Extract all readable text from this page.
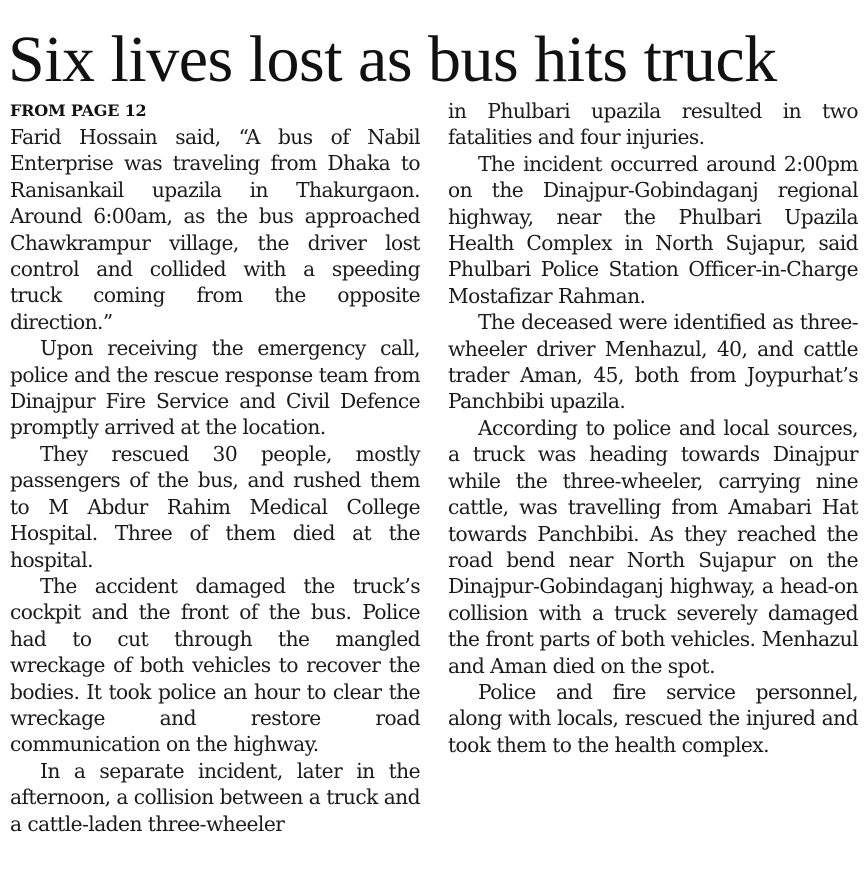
Six lives lost as bus hits truck
FROM PAGE 12

Farid Hossain said, “A bus of Nabil Enterprise was traveling from Dhaka to Ranisankail upazila in Thakurgaon. Around 6:00am, as the bus approached Chawkrampur village, the driver lost control and collided with a speeding truck coming from the opposite direction.”

Upon receiving the emergency call, police and the rescue response team from Dinajpur Fire Service and Civil Defence promptly arrived at the location.

They rescued 30 people, mostly passengers of the bus, and rushed them to M Abdur Rahim Medical College Hospital. Three of them died at the hospital.

The accident damaged the truck’s cockpit and the front of the bus. Police had to cut through the mangled wreckage of both vehicles to recover the bodies. It took police an hour to clear the wreckage and restore road communication on the highway.

In a separate incident, later in the afternoon, a collision between a truck and a cattle-laden three-wheeler

in Phulbari upazila resulted in two fatalities and four injuries.

The incident occurred around 2:00pm on the Dinajpur-Gobindaganj regional highway, near the Phulbari Upazila Health Complex in North Sujapur, said Phulbari Police Station Officer-in-Charge Mostafizar Rahman.

The deceased were identified as three-wheeler driver Menhazul, 40, and cattle trader Aman, 45, both from Joypurhat’s Panchbibi upazila.

According to police and local sources, a truck was heading towards Dinajpur while the three-wheeler, carrying nine cattle, was travelling from Amabari Hat towards Panchbibi. As they reached the road bend near North Sujapur on the Dinajpur-Gobindaganj highway, a head-on collision with a truck severely damaged the front parts of both vehicles. Menhazul and Aman died on the spot.

Police and fire service personnel, along with locals, rescued the injured and took them to the health complex.
